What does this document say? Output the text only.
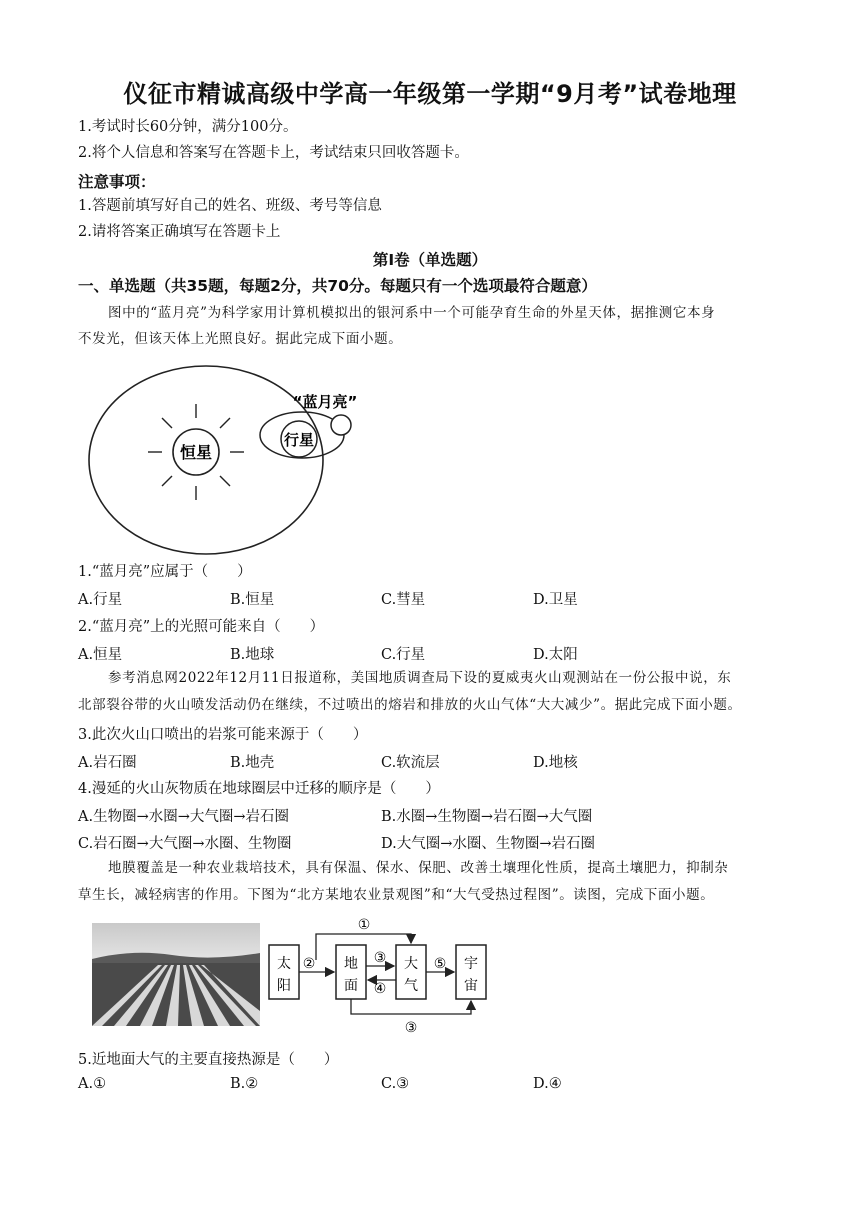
仪征市精诚高级中学高一年级第一学期“9月考”试卷地理
1.考试时长60分钟，满分100分。
2.将个人信息和答案写在答题卡上，考试结束只回收答题卡。
注意事项：
1.答题前填写好自己的姓名、班级、考号等信息
2.请将答案正确填写在答题卡上
第Ⅰ卷（单选题）
一、单选题（共35题，每题2分，共70分。每题只有一个选项最符合题意）
图中的“蓝月亮”为科学家用计算机模拟出的银河系中一个可能孕育生命的外星天体，据推测它本身
不发光，但该天体上光照良好。据此完成下面小题。
恒星
行星
“蓝月亮”
1.“蓝月亮”应属于（　　）
A.行星	B.恒星	C.彗星	D.卫星
2.“蓝月亮”上的光照可能来自（　　）
A.恒星	B.地球	C.行星	D.太阳
参考消息网2022年12月11日报道称，美国地质调查局下设的夏威夷火山观测站在一份公报中说，东
北部裂谷带的火山喷发活动仍在继续，不过喷出的熔岩和排放的火山气体“大大减少”。据此完成下面小题。
3.此次火山口喷出的岩浆可能来源于（　　）
A.岩石圈	B.地壳	C.软流层	D.地核
4.漫延的火山灰物质在地球圈层中迁移的顺序是（　　）
A.生物圈→水圈→大气圈→岩石圈	B.水圈→生物圈→岩石圈→大气圈
C.岩石圈→大气圈→水圈、生物圈	D.大气圈→水圈、生物圈→岩石圈
地膜覆盖是一种农业栽培技术，具有保温、保水、保肥、改善土壤理化性质，提高土壤肥力，抑制杂
草生长，减轻病害的作用。下图为“北方某地农业景观图”和“大气受热过程图”。读图，完成下面小题。
太
阳
地
面
大
气
宇
宙
①
②	③
④
⑤
③
5.近地面大气的主要直接热源是（　　）
A.①	B.②	C.③	D.④
